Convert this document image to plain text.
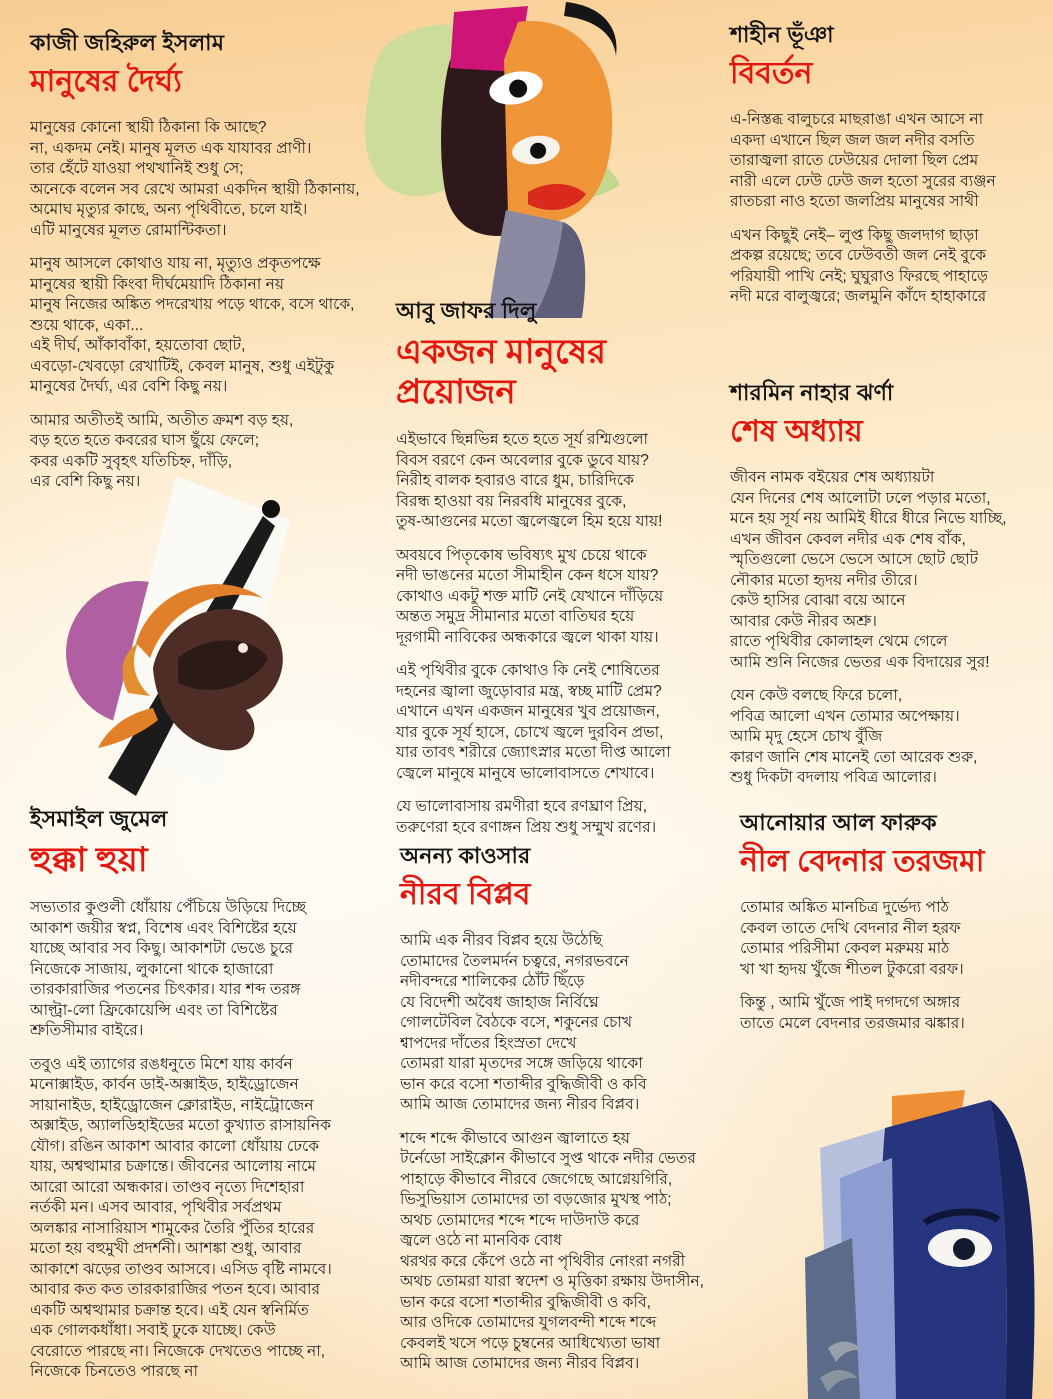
কাজী জহিরুল ইসলাম
মানুষের দৈর্ঘ্য

মানুষের কোনো স্থায়ী ঠিকানা কি আছে?
না, একদম নেই। মানুষ মূলত এক যাযাবর প্রাণী।
তার হেঁটে যাওয়া পথখানিই শুধু সে;
অনেকে বলেন সব রেখে আমরা একদিন স্থায়ী ঠিকানায়,
অমোঘ মৃত্যুর কাছে, অন্য পৃথিবীতে, চলে যাই।
এটি মানুষের মূলত রোমান্টিকতা।

মানুষ আসলে কোথাও যায় না, মৃত্যুও প্রকৃতপক্ষে
মানুষের স্থায়ী কিংবা দীর্ঘমেয়াদি ঠিকানা নয়
মানুষ নিজের অঙ্কিত পদরেখায় পড়ে থাকে, বসে থাকে,
শুয়ে থাকে, একা...
এই দীর্ঘ, আঁকাবাঁকা, হয়তোবা ছোট,
এবড়ো-খেবড়ো রেখাটিই, কেবল মানুষ, শুধু এইটুকু
মানুষের দৈর্ঘ্য, এর বেশি কিছু নয়।

আমার অতীতই আমি, অতীত ক্রমশ বড় হয়,
বড় হতে হতে কবরের ঘাস ছুঁয়ে ফেলে;
কবর একটি সুবৃহৎ যতিচিহ্ন, দাঁড়ি,
এর বেশি কিছু নয়।

আবু জাফর দিলু
একজন মানুষের প্রয়োজন

এইভাবে ছিন্নভিন্ন হতে হতে সূর্য রশ্মিগুলো
বিবস বরণে কেন অবেলার বুকে ডুবে যায়?
নিরীহ বালক হবারও বারে ধুম, চারিদিকে
বিরন্ধ হাওয়া বয় নিরবধি মানুষের বুকে,
তুষ-আগুনের মতো জ্বলেজ্বলে হিম হয়ে যায়!

অবয়বে পিতৃকোষ ভবিষ্যৎ মুখ চেয়ে থাকে
নদী ভাঙনের মতো সীমাহীন কেন ধসে যায়?
কোথাও একটু শক্ত মাটি নেই যেখানে দাঁড়িয়ে
অন্তত সমুদ্র সীমানার মতো বাতিঘর হয়ে
দূরগামী নাবিকের অন্ধকারে জ্বলে থাকা যায়।

এই পৃথিবীর বুকে কোথাও কি নেই শোষিতের
দহনের জ্বালা জুড়োবার মন্ত্র, স্বচ্ছ মাটি প্রেম?
এখানে এখন একজন মানুষের খুব প্রয়োজন,
যার বুকে সূর্য হাসে, চোখে জ্বলে দুরবিন প্রভা,
যার তাবৎ শরীরে জ্যোৎস্নার মতো দীপ্ত আলো
জ্বেলে মানুষে মানুষে ভালোবাসতে শেখাবে।

যে ভালোবাসায় রমণীরা হবে রণঘ্রাণ প্রিয়,
তরুণেরা হবে রণাঙ্গন প্রিয় শুধু সম্মুখ রণের।

শাহীন ভূঁঞা
বিবর্তন

এ-নিস্তব্ধ বালুচরে মাছরাঙা এখন আসে না
একদা এখানে ছিল জল জল নদীর বসতি
তারাজ্বলা রাতে ঢেউয়ের দোলা ছিল প্রেম
নারী এলে ঢেউ ঢেউ জল হতো সুরের ব্যঞ্জন
রাতচরা নাও হতো জলপ্রিয় মানুষের সাথী

এখন কিছুই নেই– লুপ্ত কিছু জলদাগ ছাড়া
প্রকল্প রয়েছে; তবে ঢেউবতী জল নেই বুকে
পরিযায়ী পাখি নেই; ঘুঘুরাও ফিরছে পাহাড়ে
নদী মরে বালুজ্বরে; জলমুনি কাঁদে হাহাকারে

শারমিন নাহার ঝর্ণা
শেষ অধ্যায়

জীবন নামক বইয়ের শেষ অধ্যায়টা
যেন দিনের শেষ আলোটা ঢলে পড়ার মতো,
মনে হয় সূর্য নয় আমিই ধীরে ধীরে নিভে যাচ্ছি,
এখন জীবন কেবল নদীর এক শেষ বাঁক,
স্মৃতিগুলো ভেসে ভেসে আসে ছোট ছোট
নৌকার মতো হৃদয় নদীর তীরে।
কেউ হাসির বোঝা বয়ে আনে
আবার কেউ নীরব অশ্রু।
রাতে পৃথিবীর কোলাহল থেমে গেলে
আমি শুনি নিজের ভেতর এক বিদায়ের সুর!

যেন কেউ বলছে ফিরে চলো,
পবিত্র আলো এখন তোমার অপেক্ষায়।
আমি মৃদু হেসে চোখ বুঁজি
কারণ জানি শেষ মানেই তো আরেক শুরু,
শুধু দিকটা বদলায় পবিত্র আলোর।

ইসমাইল জুমেল
হুক্কা হুয়া

সভ্যতার কুণ্ডলী ধোঁয়ায় পেঁচিয়ে উড়িয়ে দিচ্ছে
আকাশ জয়ীর স্বপ্ন, বিশেষ এবং বিশিষ্টের হয়ে
যাচ্ছে আবার সব কিছু। আকাশটা ভেঙে চুরে
নিজেকে সাজায়, লুকানো থাকে হাজারো
তারকারাজির পতনের চিৎকার। যার শব্দ তরঙ্গ
আল্ট্রা-লো ফ্রিকোয়েন্সি এবং তা বিশিষ্টের
শ্রুতিসীমার বাইরে।

তবুও এই ত্যাগের রঙধনুতে মিশে যায় কার্বন
মনোক্সাইড, কার্বন ডাই-অক্সাইড, হাইড্রোজেন
সায়ানাইড, হাইড্রোজেন ক্লোরাইড, নাইট্রোজেন
অক্সাইড, অ্যালডিহাইডের মতো কুখ্যাত রাসায়নিক
যৌগ। রঙিন আকাশ আবার কালো ধোঁয়ায় ঢেকে
যায়, অশ্বত্থামার চক্রান্তে। জীবনের আলোয় নামে
আরো আরো অন্ধকার। তাণ্ডব নৃত্যে দিশেহারা
নর্তকী মন। এসব আবার, পৃথিবীর সর্বপ্রথম
অলঙ্কার নাসারিয়াস শামুকের তৈরি পুঁতির হারের
মতো হয় বহুমুখী প্রদর্শনী। আশঙ্কা শুধু, আবার
আকাশে ঝড়ের তাণ্ডব আসবে। এসিড বৃষ্টি নামবে।
আবার কত কত তারকারাজির পতন হবে। আবার
একটি অশ্বত্থামার চক্রান্ত হবে। এই যেন স্বনির্মিত
এক গোলকধাঁধা। সবাই ঢুকে যাচ্ছে। কেউ
বেরোতে পারছে না। নিজেকে দেখতেও পাচ্ছে না,
নিজেকে চিনতেও পারছে না

অনন্য কাওসার
নীরব বিপ্লব

আমি এক নীরব বিপ্লব হয়ে উঠেছি
তোমাদের তৈলমর্দন চত্বরে, নগরভবনে
নদীবন্দরে শালিকের ঠোঁট ছিঁড়ে
যে বিদেশী অবৈধ জাহাজ নির্বিঘ্নে
গোলটেবিল বৈঠকে বসে, শকুনের চোখ
শ্বাপদের দাঁতের হিংস্রতা দেখে
তোমরা যারা মৃতদের সঙ্গে জড়িয়ে থাকো
ভান করে বসো শতাব্দীর বুদ্ধিজীবী ও কবি
আমি আজ তোমাদের জন্য নীরব বিপ্লব।

শব্দে শব্দে কীভাবে আগুন জ্বালাতে হয়
টর্নেডো সাইক্লোন কীভাবে সুপ্ত থাকে নদীর ভেতর
পাহাড়ে কীভাবে নীরবে জেগেছে আগ্নেয়গিরি,
ভিসুভিয়াস তোমাদের তা বড়জোর মুখস্থ পাঠ;
অথচ তোমাদের শব্দে শব্দে দাউদাউ করে
জ্বলে ওঠে না মানবিক বোধ
থরথর করে কেঁপে ওঠে না পৃথিবীর নোংরা নগরী
অথচ তোমরা যারা স্বদেশ ও মৃত্তিকা রক্ষায় উদাসীন,
ভান করে বসো শতাব্দীর বুদ্ধিজীবী ও কবি,
আর ওদিকে তোমাদের যুগলবন্দী শব্দে শব্দে
কেবলই খসে পড়ে চুম্বনের আধিখ্যেতা ভাষা
আমি আজ তোমাদের জন্য নীরব বিপ্লব।

আনোয়ার আল ফারুক
নীল বেদনার তরজমা

তোমার অঙ্কিত মানচিত্র দুর্ভেদ্য পাঠ
কেবল তাতে দেখি বেদনার নীল হরফ
তোমার পরিসীমা কেবল মরুময় মাঠ
খা খা হৃদয় খুঁজে শীতল টুকরো বরফ।

কিন্তু , আমি খুঁজে পাই দগদগে অঙ্গার
তাতে মেলে বেদনার তরজমার ঝঙ্কার।
